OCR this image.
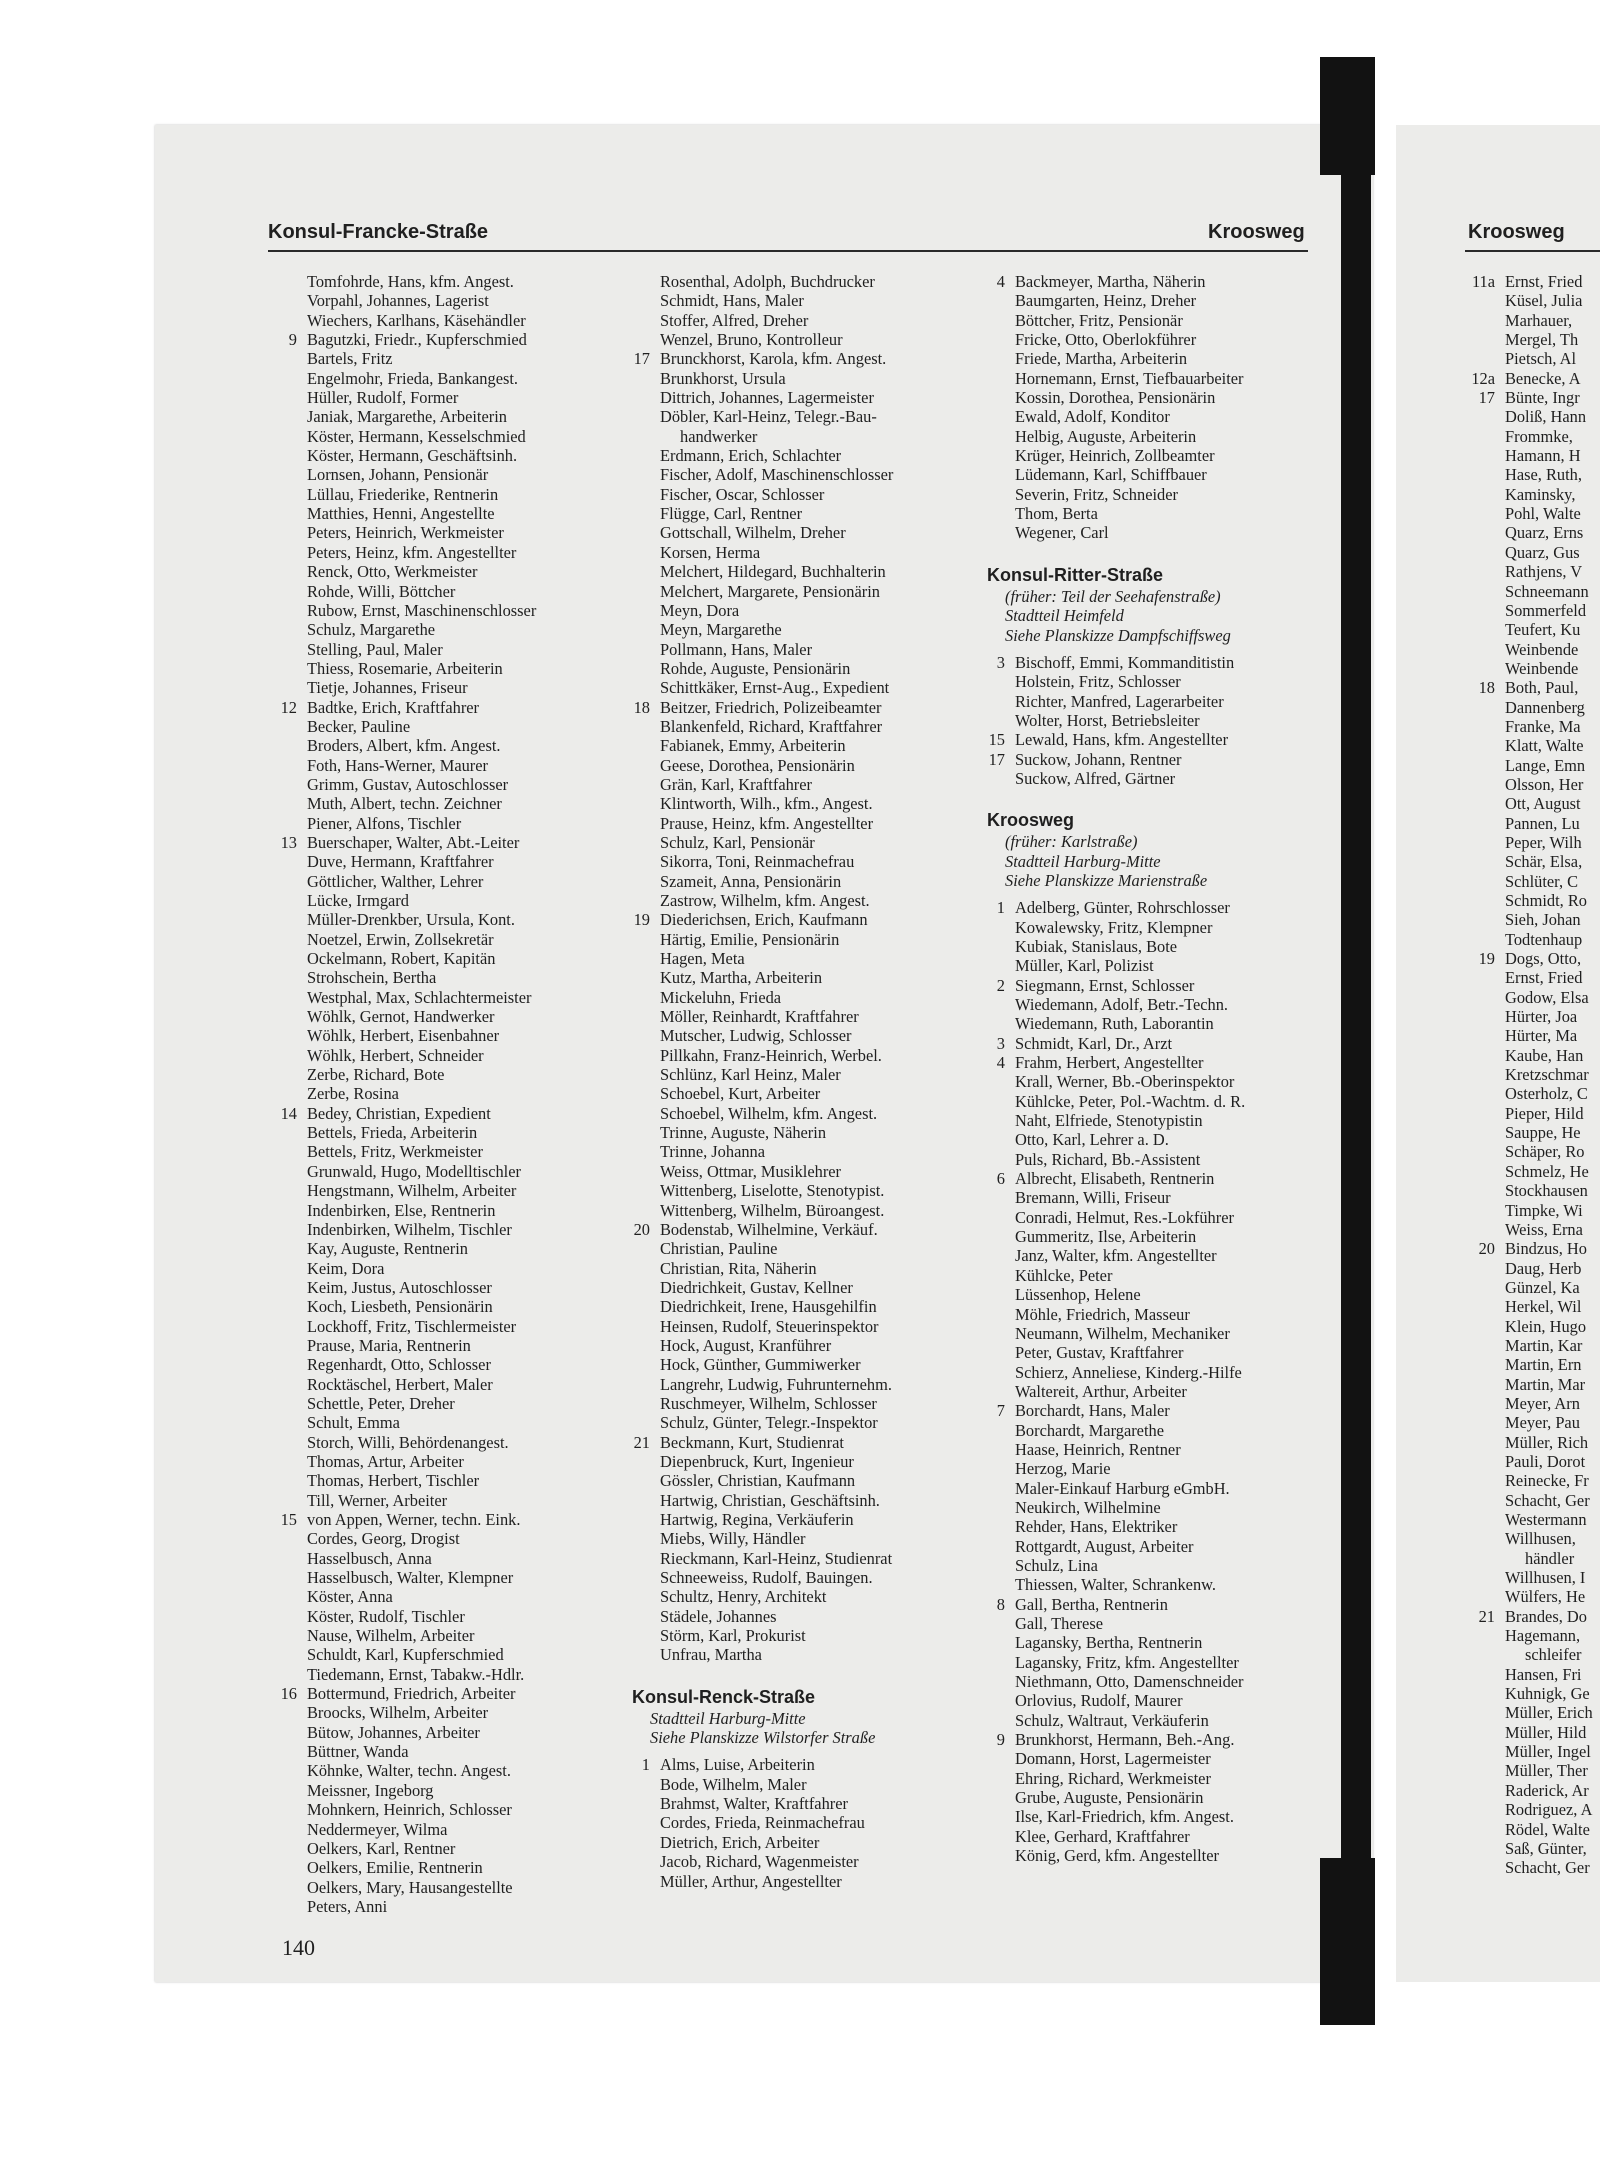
Konsul-Francke-Straße	Kroosweg	Kroosweg
Tomfohrde, Hans, kfm. Angest.
Vorpahl, Johannes, Lagerist
Wiechers, Karlhans, Käsehändler
9 Bagutzki, Friedr., Kupferschmied
Bartels, Fritz
Engelmohr, Frieda, Bankangest.
Hüller, Rudolf, Former
Janiak, Margarethe, Arbeiterin
Köster, Hermann, Kesselschmied
Köster, Hermann, Geschäftsinh.
Lornsen, Johann, Pensionär
Lüllau, Friederike, Rentnerin
Matthies, Henni, Angestellte
Peters, Heinrich, Werkmeister
Peters, Heinz, kfm. Angestellter
Renck, Otto, Werkmeister
Rohde, Willi, Böttcher
Rubow, Ernst, Maschinenschlosser
Schulz, Margarethe
Stelling, Paul, Maler
Thiess, Rosemarie, Arbeiterin
Tietje, Johannes, Friseur
12 Badtke, Erich, Kraftfahrer
Becker, Pauline
Broders, Albert, kfm. Angest.
Foth, Hans-Werner, Maurer
Grimm, Gustav, Autoschlosser
Muth, Albert, techn. Zeichner
Piener, Alfons, Tischler
13 Buerschaper, Walter, Abt.-Leiter
Duve, Hermann, Kraftfahrer
Göttlicher, Walther, Lehrer
Lücke, Irmgard
Müller-Drenkber, Ursula, Kont.
Noetzel, Erwin, Zollsekretär
Ockelmann, Robert, Kapitän
Strohschein, Bertha
Westphal, Max, Schlachtermeister
Wöhlk, Gernot, Handwerker
Wöhlk, Herbert, Eisenbahner
Wöhlk, Herbert, Schneider
Zerbe, Richard, Bote
Zerbe, Rosina
14 Bedey, Christian, Expedient
Bettels, Frieda, Arbeiterin
Bettels, Fritz, Werkmeister
Grunwald, Hugo, Modelltischler
Hengstmann, Wilhelm, Arbeiter
Indenbirken, Else, Rentnerin
Indenbirken, Wilhelm, Tischler
Kay, Auguste, Rentnerin
Keim, Dora
Keim, Justus, Autoschlosser
Koch, Liesbeth, Pensionärin
Lockhoff, Fritz, Tischlermeister
Prause, Maria, Rentnerin
Regenhardt, Otto, Schlosser
Rocktäschel, Herbert, Maler
Schettle, Peter, Dreher
Schult, Emma
Storch, Willi, Behördenangest.
Thomas, Artur, Arbeiter
Thomas, Herbert, Tischler
Till, Werner, Arbeiter
15 von Appen, Werner, techn. Eink.
Cordes, Georg, Drogist
Hasselbusch, Anna
Hasselbusch, Walter, Klempner
Köster, Anna
Köster, Rudolf, Tischler
Nause, Wilhelm, Arbeiter
Schuldt, Karl, Kupferschmied
Tiedemann, Ernst, Tabakw.-Hdlr.
16 Bottermund, Friedrich, Arbeiter
Broocks, Wilhelm, Arbeiter
Bütow, Johannes, Arbeiter
Büttner, Wanda
Köhnke, Walter, techn. Angest.
Meissner, Ingeborg
Mohnkern, Heinrich, Schlosser
Neddermeyer, Wilma
Oelkers, Karl, Rentner
Oelkers, Emilie, Rentnerin
Oelkers, Mary, Hausangestellte
Peters, Anni
Rosenthal, Adolph, Buchdrucker
Schmidt, Hans, Maler
Stoffer, Alfred, Dreher
Wenzel, Bruno, Kontrolleur
17 Brunckhorst, Karola, kfm. Angest.
Brunkhorst, Ursula
Dittrich, Johannes, Lagermeister
Döbler, Karl-Heinz, Telegr.-Bau-
handwerker
Erdmann, Erich, Schlachter
Fischer, Adolf, Maschinenschlosser
Fischer, Oscar, Schlosser
Flügge, Carl, Rentner
Gottschall, Wilhelm, Dreher
Korsen, Herma
Melchert, Hildegard, Buchhalterin
Melchert, Margarete, Pensionärin
Meyn, Dora
Meyn, Margarethe
Pollmann, Hans, Maler
Rohde, Auguste, Pensionärin
Schittkäker, Ernst-Aug., Expedient
18 Beitzer, Friedrich, Polizeibeamter
Blankenfeld, Richard, Kraftfahrer
Fabianek, Emmy, Arbeiterin
Geese, Dorothea, Pensionärin
Grän, Karl, Kraftfahrer
Klintworth, Wilh., kfm., Angest.
Prause, Heinz, kfm. Angestellter
Schulz, Karl, Pensionär
Sikorra, Toni, Reinmachefrau
Szameit, Anna, Pensionärin
Zastrow, Wilhelm, kfm. Angest.
19 Diederichsen, Erich, Kaufmann
Härtig, Emilie, Pensionärin
Hagen, Meta
Kutz, Martha, Arbeiterin
Mickeluhn, Frieda
Möller, Reinhardt, Kraftfahrer
Mutscher, Ludwig, Schlosser
Pillkahn, Franz-Heinrich, Werbel.
Schlünz, Karl Heinz, Maler
Schoebel, Kurt, Arbeiter
Schoebel, Wilhelm, kfm. Angest.
Trinne, Auguste, Näherin
Trinne, Johanna
Weiss, Ottmar, Musiklehrer
Wittenberg, Liselotte, Stenotypist.
Wittenberg, Wilhelm, Büroangest.
20 Bodenstab, Wilhelmine, Verkäuf.
Christian, Pauline
Christian, Rita, Näherin
Diedrichkeit, Gustav, Kellner
Diedrichkeit, Irene, Hausgehilfin
Heinsen, Rudolf, Steuerinspektor
Hock, August, Kranführer
Hock, Günther, Gummiwerker
Langrehr, Ludwig, Fuhrunternehm.
Ruschmeyer, Wilhelm, Schlosser
Schulz, Günter, Telegr.-Inspektor
21 Beckmann, Kurt, Studienrat
Diepenbruck, Kurt, Ingenieur
Gössler, Christian, Kaufmann
Hartwig, Christian, Geschäftsinh.
Hartwig, Regina, Verkäuferin
Miebs, Willy, Händler
Rieckmann, Karl-Heinz, Studienrat
Schneeweiss, Rudolf, Bauingen.
Schultz, Henry, Architekt
Städele, Johannes
Störm, Karl, Prokurist
Unfrau, Martha
Konsul-Renck-Straße
Stadtteil Harburg-Mitte
Siehe Planskizze Wilstorfer Straße
1 Alms, Luise, Arbeiterin
Bode, Wilhelm, Maler
Brahmst, Walter, Kraftfahrer
Cordes, Frieda, Reinmachefrau
Dietrich, Erich, Arbeiter
Jacob, Richard, Wagenmeister
Müller, Arthur, Angestellter
4 Backmeyer, Martha, Näherin
Baumgarten, Heinz, Dreher
Böttcher, Fritz, Pensionär
Fricke, Otto, Oberlokführer
Friede, Martha, Arbeiterin
Hornemann, Ernst, Tiefbauarbeiter
Kossin, Dorothea, Pensionärin
Ewald, Adolf, Konditor
Helbig, Auguste, Arbeiterin
Krüger, Heinrich, Zollbeamter
Lüdemann, Karl, Schiffbauer
Severin, Fritz, Schneider
Thom, Berta
Wegener, Carl
Konsul-Ritter-Straße
(früher: Teil der Seehafenstraße)
Stadtteil Heimfeld
Siehe Planskizze Dampfschiffsweg
3 Bischoff, Emmi, Kommanditistin
Holstein, Fritz, Schlosser
Richter, Manfred, Lagerarbeiter
Wolter, Horst, Betriebsleiter
15 Lewald, Hans, kfm. Angestellter
17 Suckow, Johann, Rentner
Suckow, Alfred, Gärtner
Kroosweg
(früher: Karlstraße)
Stadtteil Harburg-Mitte
Siehe Planskizze Marienstraße
1 Adelberg, Günter, Rohrschlosser
Kowalewsky, Fritz, Klempner
Kubiak, Stanislaus, Bote
Müller, Karl, Polizist
2 Siegmann, Ernst, Schlosser
Wiedemann, Adolf, Betr.-Techn.
Wiedemann, Ruth, Laborantin
3 Schmidt, Karl, Dr., Arzt
4 Frahm, Herbert, Angestellter
Krall, Werner, Bb.-Oberinspektor
Kühlcke, Peter, Pol.-Wachtm. d. R.
Naht, Elfriede, Stenotypistin
Otto, Karl, Lehrer a. D.
Puls, Richard, Bb.-Assistent
6 Albrecht, Elisabeth, Rentnerin
Bremann, Willi, Friseur
Conradi, Helmut, Res.-Lokführer
Gummeritz, Ilse, Arbeiterin
Janz, Walter, kfm. Angestellter
Kühlcke, Peter
Lüssenhop, Helene
Möhle, Friedrich, Masseur
Neumann, Wilhelm, Mechaniker
Peter, Gustav, Kraftfahrer
Schierz, Anneliese, Kinderg.-Hilfe
Waltereit, Arthur, Arbeiter
7 Borchardt, Hans, Maler
Borchardt, Margarethe
Haase, Heinrich, Rentner
Herzog, Marie
Maler-Einkauf Harburg eGmbH.
Neukirch, Wilhelmine
Rehder, Hans, Elektriker
Rottgardt, August, Arbeiter
Schulz, Lina
Thiessen, Walter, Schrankenw.
8 Gall, Bertha, Rentnerin
Gall, Therese
Lagansky, Bertha, Rentnerin
Lagansky, Fritz, kfm. Angestellter
Niethmann, Otto, Damenschneider
Orlovius, Rudolf, Maurer
Schulz, Waltraut, Verkäuferin
9 Brunkhorst, Hermann, Beh.-Ang.
Domann, Horst, Lagermeister
Ehring, Richard, Werkmeister
Grube, Auguste, Pensionärin
Ilse, Karl-Friedrich, kfm. Angest.
Klee, Gerhard, Kraftfahrer
König, Gerd, kfm. Angestellter
11a Ernst, Fried
Küsel, Julia
Marhauer,
Mergel, Th
Pietsch, Al
12a Benecke, A
17 Bünte, Ingr
Doliß, Hann
Frommke,
Hamann, H
Hase, Ruth,
Kaminsky,
Pohl, Walte
Quarz, Erns
Quarz, Gus
Rathjens, V
Schneemann
Sommerfeld
Teufert, Ku
Weinbende
Weinbende
18 Both, Paul,
Dannenberg
Franke, Ma
Klatt, Walte
Lange, Emn
Olsson, Her
Ott, August
Pannen, Lu
Peper, Wilh
Schär, Elsa,
Schlüter, C
Schmidt, Ro
Sieh, Johan
Todtenhaup
19 Dogs, Otto,
Ernst, Fried
Godow, Elsa
Hürter, Joa
Hürter, Ma
Kaube, Han
Kretzschmar
Osterholz, C
Pieper, Hild
Sauppe, He
Schäper, Ro
Schmelz, He
Stockhausen
Timpke, Wi
Weiss, Erna
20 Bindzus, Ho
Daug, Herb
Günzel, Ka
Herkel, Wil
Klein, Hugo
Martin, Kar
Martin, Ern
Martin, Mar
Meyer, Arn
Meyer, Pau
Müller, Rich
Pauli, Dorot
Reinecke, Fr
Schacht, Ger
Westermann
Willhusen,
händler
Willhusen, I
Wülfers, He
21 Brandes, Do
Hagemann,
schleifer
Hansen, Fri
Kuhnigk, Ge
Müller, Erich
Müller, Hild
Müller, Ingel
Müller, Ther
Raderick, Ar
Rodriguez, A
Rödel, Walte
Saß, Günter,
Schacht, Ger
140
